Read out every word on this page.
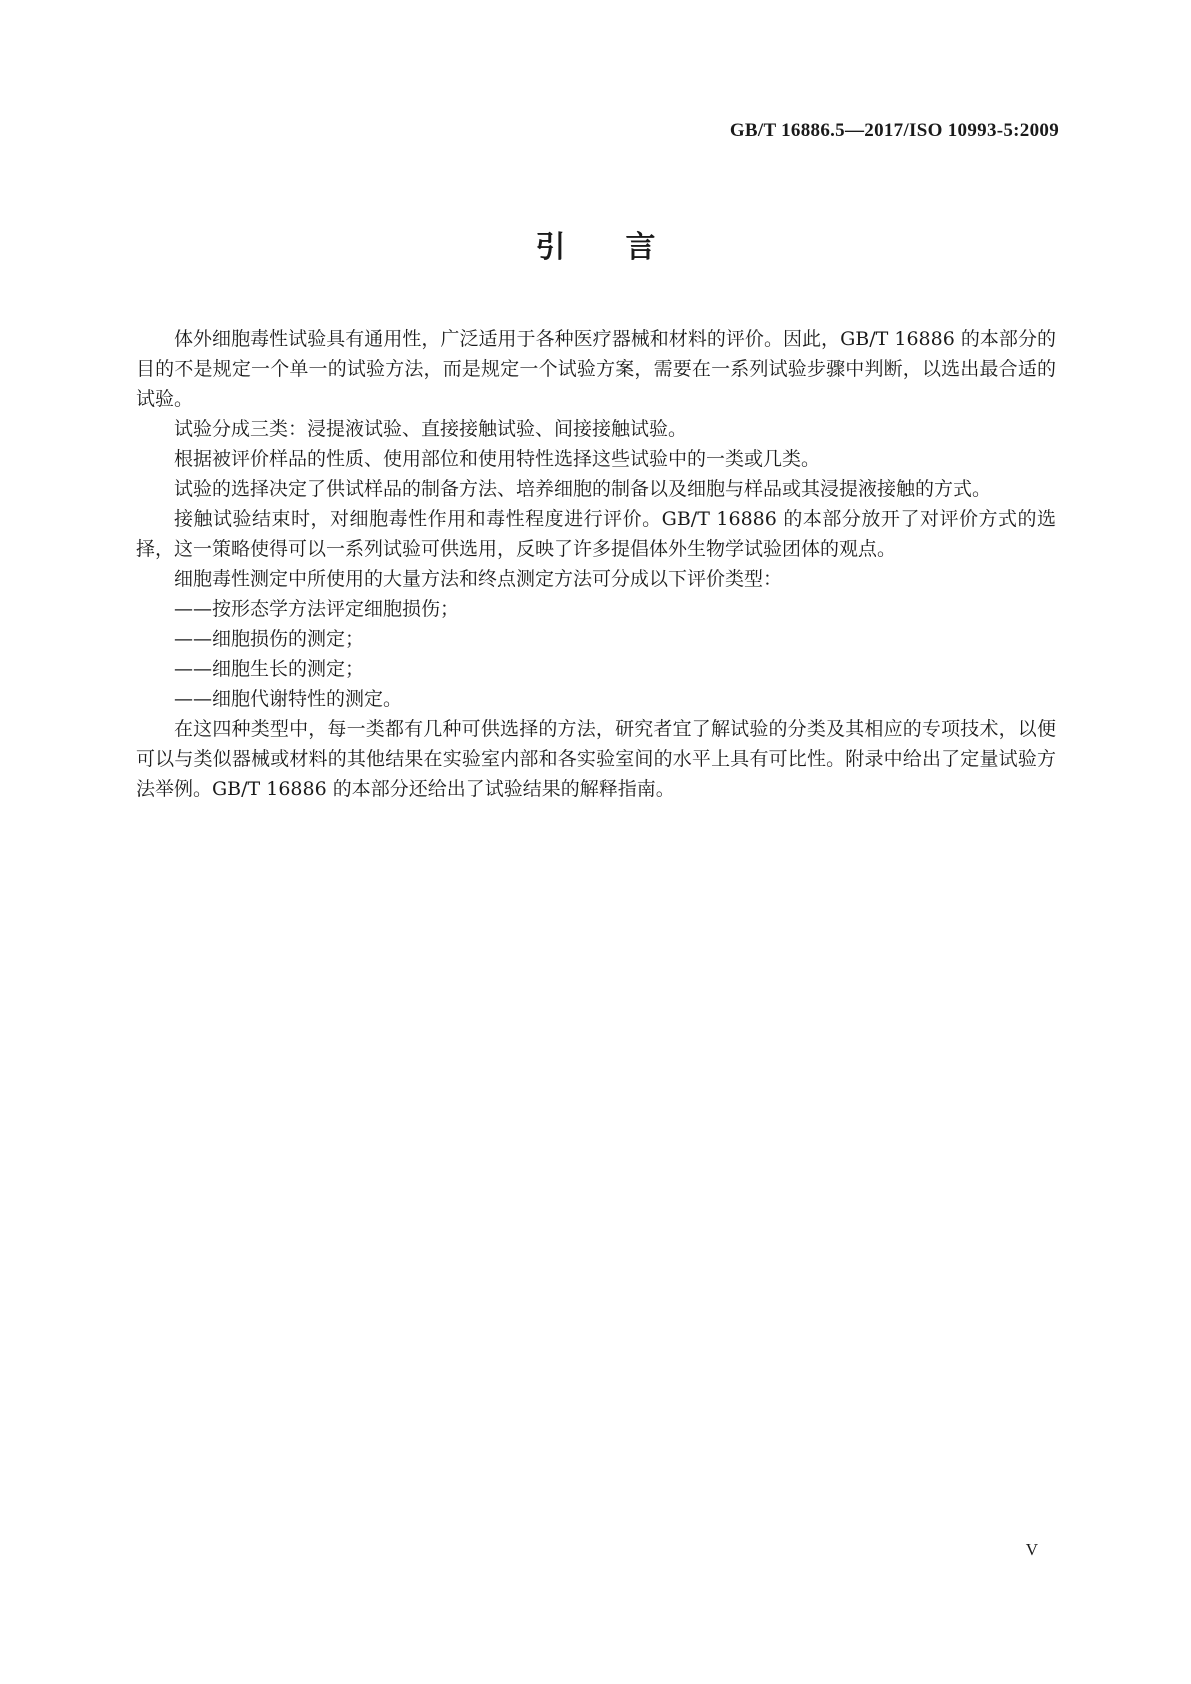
GB/T 16886.5—2017/ISO 10993-5:2009
引言

体外细胞毒性试验具有通用性，广泛适用于各种医疗器械和材料的评价。因此，GB/T 16886 的本部分的目的不是规定一个单一的试验方法，而是规定一个试验方案，需要在一系列试验步骤中判断，以选出最合适的试验。

试验分成三类：浸提液试验、直接接触试验、间接接触试验。

根据被评价样品的性质、使用部位和使用特性选择这些试验中的一类或几类。

试验的选择决定了供试样品的制备方法、培养细胞的制备以及细胞与样品或其浸提液接触的方式。

接触试验结束时，对细胞毒性作用和毒性程度进行评价。GB/T 16886 的本部分放开了对评价方式的选择，这一策略使得可以一系列试验可供选用，反映了许多提倡体外生物学试验团体的观点。

细胞毒性测定中所使用的大量方法和终点测定方法可分成以下评价类型：

——按形态学方法评定细胞损伤；

——细胞损伤的测定；

——细胞生长的测定；

——细胞代谢特性的测定。

在这四种类型中，每一类都有几种可供选择的方法，研究者宜了解试验的分类及其相应的专项技术，以便可以与类似器械或材料的其他结果在实验室内部和各实验室间的水平上具有可比性。附录中给出了定量试验方法举例。GB/T 16886 的本部分还给出了试验结果的解释指南。

V
